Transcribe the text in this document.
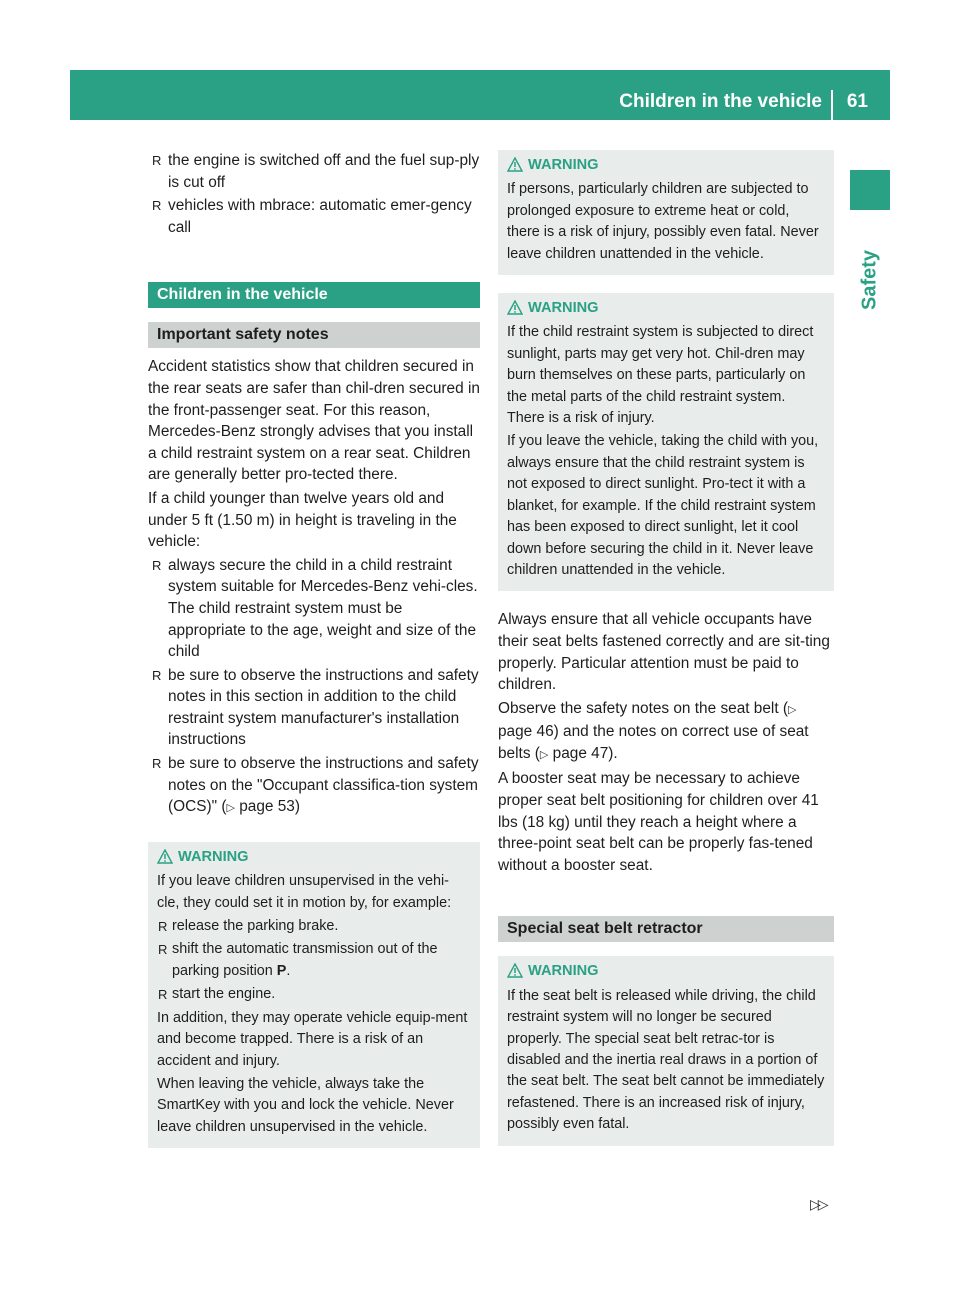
Children in the vehicle 61
Safety
R the engine is switched off and the fuel sup-ply is cut off
R vehicles with mbrace: automatic emer-gency call
Children in the vehicle
Important safety notes

Accident statistics show that children secured in the rear seats are safer than chil-dren secured in the front-passenger seat. For this reason, Mercedes-Benz strongly advises that you install a child restraint system on a rear seat. Children are generally better pro-tected there.

If a child younger than twelve years old and under 5 ft (1.50 m) in height is traveling in the vehicle:

R always secure the child in a child restraint system suitable for Mercedes-Benz vehi-cles. The child restraint system must be appropriate to the age, weight and size of the child
R be sure to observe the instructions and safety notes in this section in addition to the child restraint system manufacturer's installation instructions
R be sure to observe the instructions and safety notes on the "Occupant classifica-tion system (OCS)" (▷ page 53)
WARNING

If you leave children unsupervised in the vehi-cle, they could set it in motion by, for example:

R release the parking brake.
R shift the automatic transmission out of the parking position P.
R start the engine.

In addition, they may operate vehicle equip-ment and become trapped. There is a risk of an accident and injury.

When leaving the vehicle, always take the SmartKey with you and lock the vehicle. Never leave children unsupervised in the vehicle.

WARNING

If persons, particularly children are subjected to prolonged exposure to extreme heat or cold, there is a risk of injury, possibly even fatal. Never leave children unattended in the vehicle.

WARNING

If the child restraint system is subjected to direct sunlight, parts may get very hot. Chil-dren may burn themselves on these parts, particularly on the metal parts of the child restraint system. There is a risk of injury.

If you leave the vehicle, taking the child with you, always ensure that the child restraint system is not exposed to direct sunlight. Pro-tect it with a blanket, for example. If the child restraint system has been exposed to direct sunlight, let it cool down before securing the child in it. Never leave children unattended in the vehicle.

Always ensure that all vehicle occupants have their seat belts fastened correctly and are sit-ting properly. Particular attention must be paid to children.

Observe the safety notes on the seat belt (▷ page 46) and the notes on correct use of seat belts (▷ page 47).

A booster seat may be necessary to achieve proper seat belt positioning for children over 41 lbs (18 kg) until they reach a height where a three-point seat belt can be properly fas-tened without a booster seat.

Special seat belt retractor
WARNING

If the seat belt is released while driving, the child restraint system will no longer be secured properly. The special seat belt retrac-tor is disabled and the inertia real draws in a portion of the seat belt. The seat belt cannot be immediately refastened. There is an increased risk of injury, possibly even fatal.

▷▷
